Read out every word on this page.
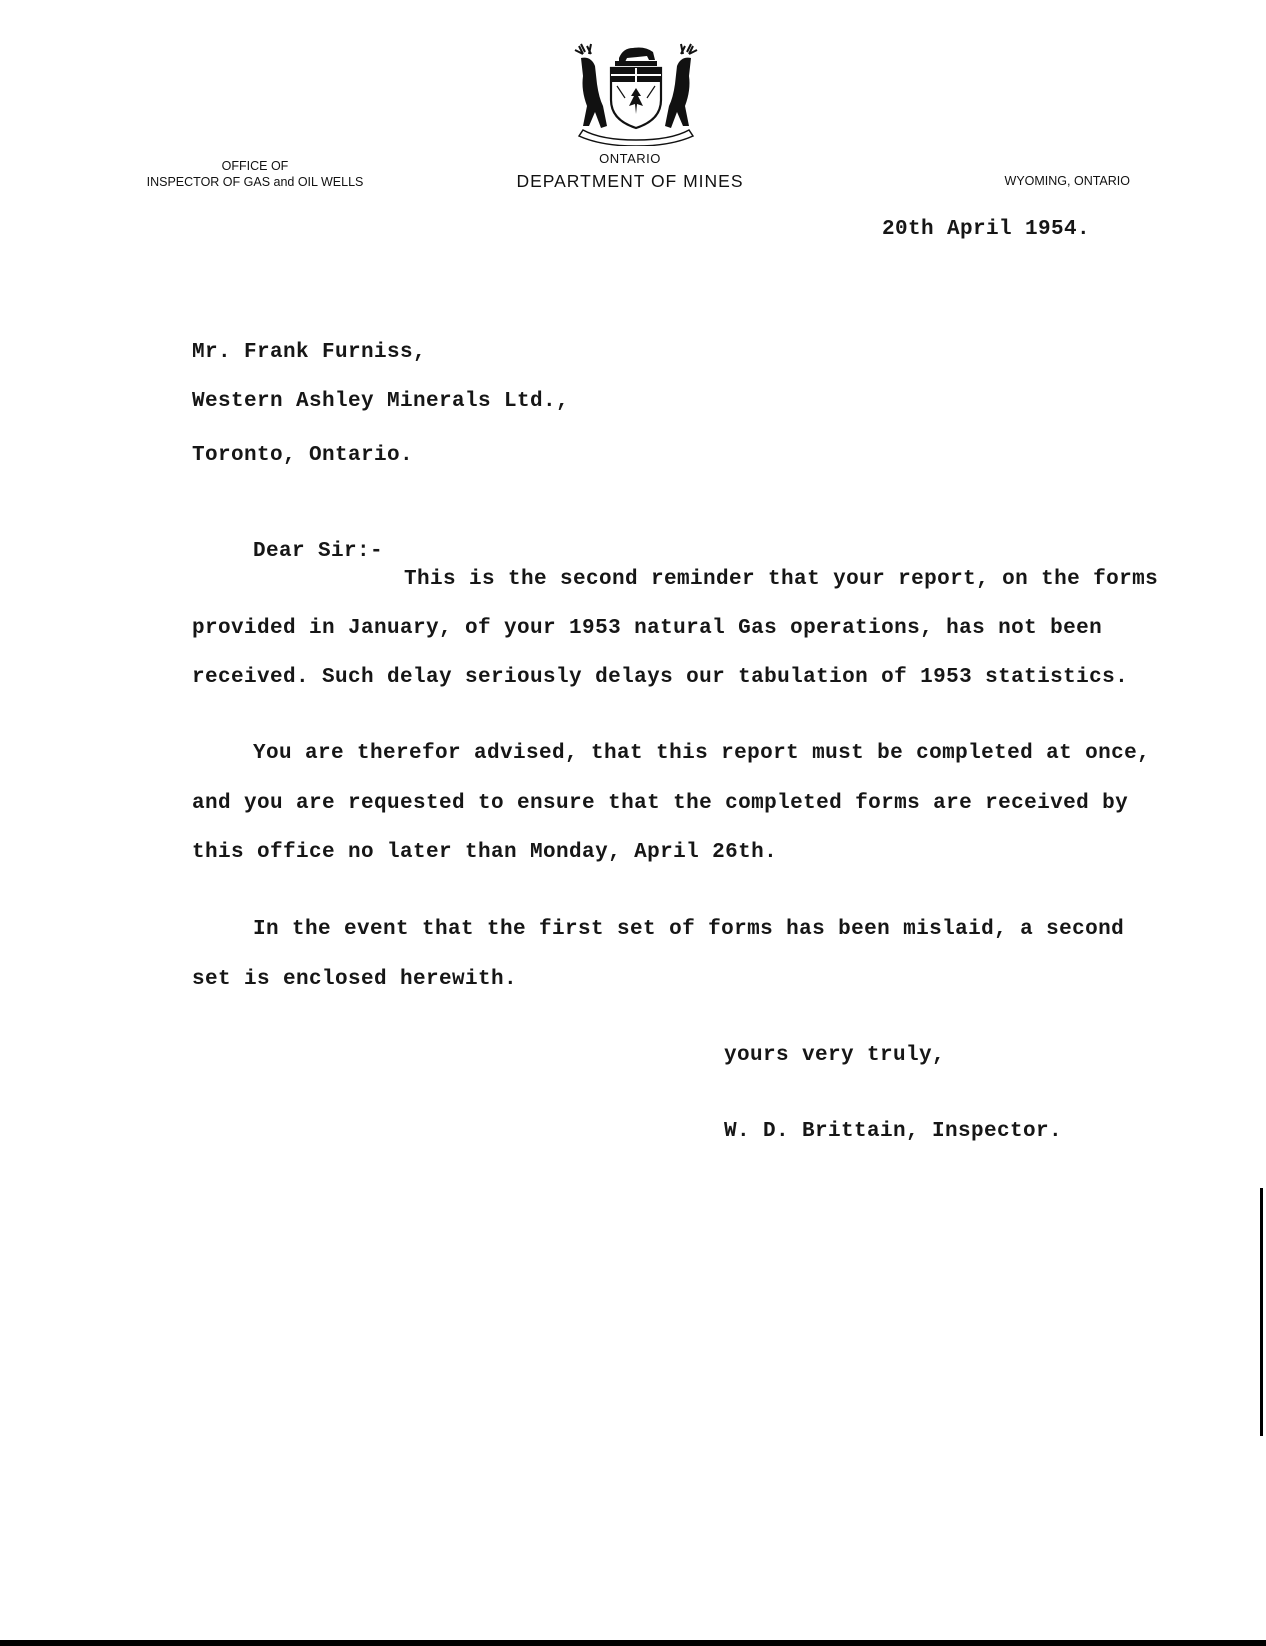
OFFICE OF
INSPECTOR OF GAS and OIL WELLS
ONTARIO
DEPARTMENT OF MINES	WYOMING, ONTARIO
20th April 1954.
Mr. Frank Furniss,
Western Ashley Minerals Ltd.,
Toronto, Ontario.
Dear Sir:-
This is the second reminder that your report, on the forms
provided in January, of your 1953 natural Gas operations, has not been
received. Such delay seriously delays our tabulation of 1953 statistics.
You are therefor advised, that this report must be completed at once,
and you are requested to ensure that the completed forms are received by
this office no later than Monday, April 26th.
In the event that the first set of forms has been mislaid, a second
set is enclosed herewith.
yours very truly,
W. D. Brittain, Inspector.
